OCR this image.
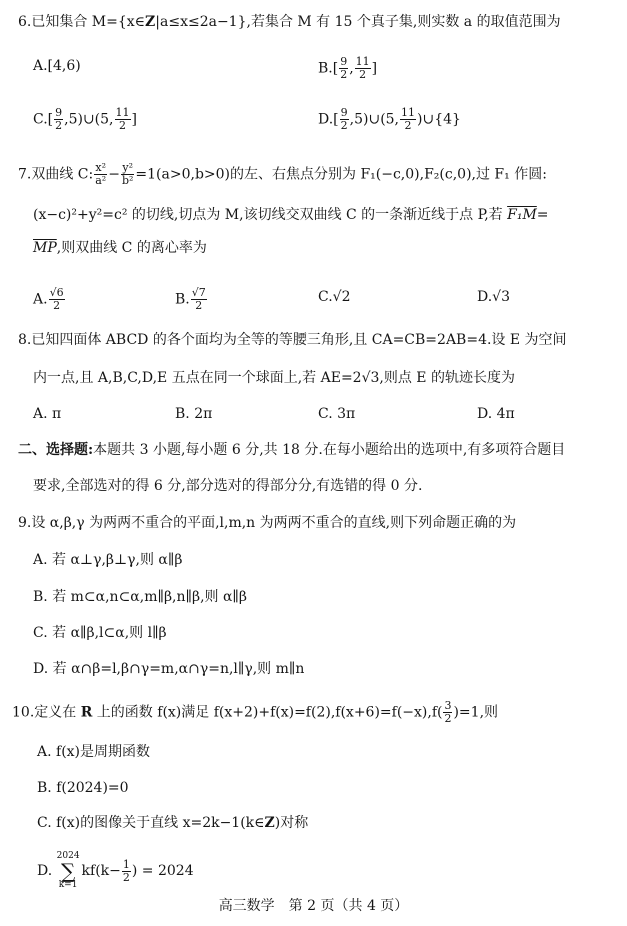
6.已知集合 M={x∈Z|a≤x≤2a−1},若集合 M 有 15 个真子集,则实数 a 的取值范围为
A.[4,6)	$B.[ \frac{9}{2}$ , $\frac{11}{2}$ ]
$C.[ \frac{9}{2}$ ,5)∪(5, $\frac{11}{2}$ ]	$D.[ \frac{9}{2}$ ,5)∪(5, $\frac{11}{2}$ )∪{4}
7.双曲线 C: $\frac{\text{x²}}{\text{a²}} - \frac{\text{y²}}{\text{b²}} =1(a>0,b>0)$的左、右焦点分别为 F₁(−c,0),F₂(c,0),过 F₁ 作圆:
(x−c)²+y²=c² 的切线,切点为 M,该切线交双曲线 C 的一条渐近线于点 P,若 F₁M=
$\overline{MP}$,则双曲线 C 的离心率为
A. $\frac{√6}{2}$	B. $\frac{√7}{2}$	C.√2	D.√3
8.已知四面体 ABCD 的各个面均为全等的等腰三角形,且 CA=CB=2AB=4.设 E 为空间
内一点,且 A,B,C,D,E 五点在同一个球面上,若 AE=2√3,则点 E 的轨迹长度为
A. π	B. 2π	C. 3π	D. 4π
二、选择题:本题共 3 小题,每小题 6 分,共 18 分.在每小题给出的选项中,有多项符合题目
要求,全部选对的得 6 分,部分选对的得部分分,有选错的得 0 分.
9.设 α,β,γ 为两两不重合的平面,l,m,n 为两两不重合的直线,则下列命题正确的为
A. 若 α⊥γ,β⊥γ,则 α∥β
B. 若 m⊂α,n⊂α,m∥β,n∥β,则 α∥β
C. 若 α∥β,l⊂α,则 l∥β
D. 若 α∩β=l,β∩γ=m,α∩γ=n,l∥γ,则 m∥n
10.定义在 R 上的函数 f(x)满足 $f(x+2)+f(x)=f(2),f(x+6)=f(-x),f( \frac{3}{2} )=1$,则
A. f(x)是周期函数
B. f(2024)=0
C. f(x)的图像关于直线 x=2k−1(k∈Z)对称
D. 2024
∑
$k=1kf(k- \frac{1}{2}$ ) = 2024
高三数学　第 2 页（共 4 页）
